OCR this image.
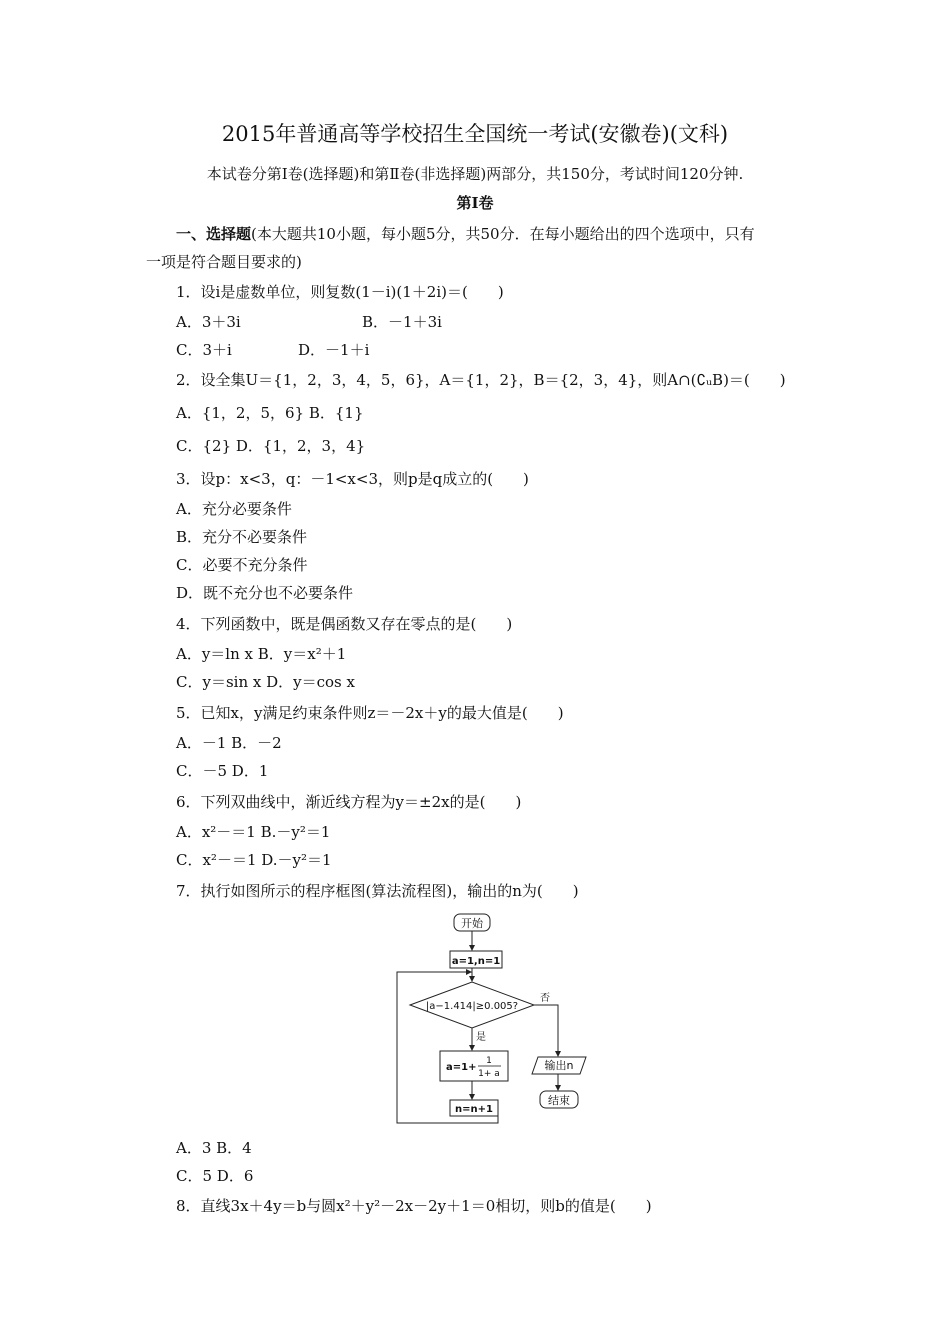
2015年普通高等学校招生全国统一考试(安徽卷)(文科)
本试卷分第Ⅰ卷(选择题)和第Ⅱ卷(非选择题)两部分，共150分，考试时间120分钟.
第Ⅰ卷
一、选择题(本大题共10小题，每小题5分，共50分．在每小题给出的四个选项中，只有
一项是符合题目要求的)
1．设i是虚数单位，则复数(1－i)(1＋2i)＝(　　)
A．3＋3i	B．－1＋3i
C．3＋i	D．－1＋i
2．设全集U＝{1，2，3，4，5，6}，A＝{1，2}，B＝{2，3，4}，则A∩(∁ᵤB)＝(　　)
A．{1，2，5，6} B．{1}
C．{2} D．{1，2，3，4}
3．设p：x<3，q：－1<x<3，则p是q成立的(　　)
A．充分必要条件
B．充分不必要条件
C．必要不充分条件
D．既不充分也不必要条件
4．下列函数中，既是偶函数又存在零点的是(　　)
A．y＝ln x B．y＝x²＋1
C．y＝sin x D．y＝cos x
5．已知x，y满足约束条件则z＝－2x＋y的最大值是(　　)
A．－1 B．－2
C．－5 D．1
6．下列双曲线中，渐近线方程为y＝±2x的是(　　)
A．x²－＝1 B.－y²＝1
C．x²－＝1 D.－y²＝1
7．执行如图所示的程序框图(算法流程图)，输出的n为(　　)
开始
a=1,n=1
|a−1.414|≥0.005?
是
否
a=1+
1
1+ a
n=n+1
输出n
结束
A．3 B．4
C．5 D．6
8．直线3x＋4y＝b与圆x²＋y²－2x－2y＋1＝0相切，则b的值是(　　)
